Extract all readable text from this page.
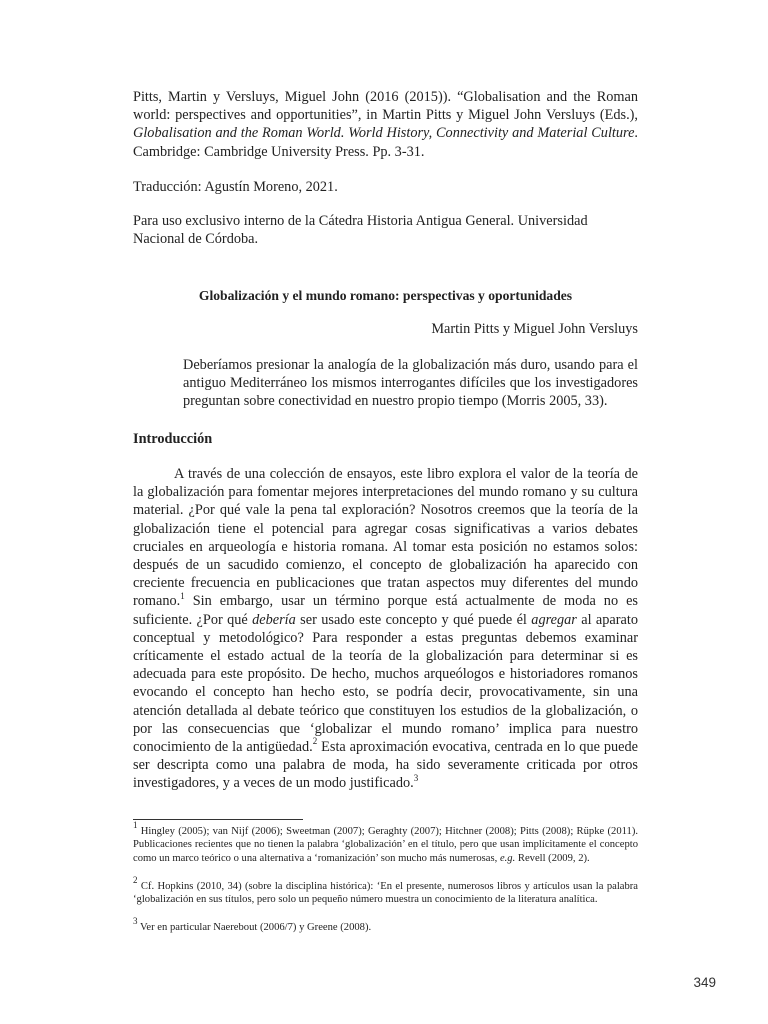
Pitts, Martin y Versluys, Miguel John (2016 (2015)). “Globalisation and the Roman world: perspectives and opportunities”, in Martin Pitts y Miguel John Versluys (Eds.), Globalisation and the Roman World. World History, Connectivity and Material Culture. Cambridge: Cambridge University Press. Pp. 3-31.

Traducción: Agustín Moreno, 2021.
Para uso exclusivo interno de la Cátedra Historia Antigua General. Universidad Nacional de Córdoba.
Globalización y el mundo romano: perspectivas y oportunidades
Martin Pitts y Miguel John Versluys
Deberíamos presionar la analogía de la globalización más duro, usando para el antiguo Mediterráneo los mismos interrogantes difíciles que los investigadores preguntan sobre conectividad en nuestro propio tiempo (Morris 2005, 33).
Introducción

A través de una colección de ensayos, este libro explora el valor de la teoría de la globalización para fomentar mejores interpretaciones del mundo romano y su cultura material. ¿Por qué vale la pena tal exploración? Nosotros creemos que la teoría de la globalización tiene el potencial para agregar cosas significativas a varios debates cruciales en arqueología e historia romana. Al tomar esta posición no estamos solos: después de un sacudido comienzo, el concepto de globalización ha aparecido con creciente frecuencia en publicaciones que tratan aspectos muy diferentes del mundo romano.$^1$ Sin embargo, usar un término porque está actualmente de moda no es suficiente. ¿Por qué debería ser usado este concepto y qué puede él agregar al aparato conceptual y metodológico? Para responder a estas preguntas debemos examinar críticamente el estado actual de la teoría de la globalización para determinar si es adecuada para este propósito. De hecho, muchos arqueólogos e historiadores romanos evocando el concepto han hecho esto, se podría decir, provocativamente, sin una atención detallada al debate teórico que constituyen los estudios de la globalización, o por las consecuencias que ‘globalizar el mundo romano’ implica para nuestro conocimiento de la antigüedad.$^2$ Esta aproximación evocativa, centrada en lo que puede ser descripta como una palabra de moda, ha sido severamente criticada por otros investigadores, y a veces de un modo justificado.$^3$

$^1$ Hingley (2005); van Nijf (2006); Sweetman (2007); Geraghty (2007); Hitchner (2008); Pitts (2008); Rüpke (2011). Publicaciones recientes que no tienen la palabra ‘globalización’ en el título, pero que usan implícitamente el concepto como un marco teórico o una alternativa a ‘romanización’ son mucho más numerosas, e.g. Revell (2009, 2).
$^2$ Cf. Hopkins (2010, 34) (sobre la disciplina histórica): ‘En el presente, numerosos libros y artículos usan la palabra ‘globalización en sus títulos, pero solo un pequeño número muestra un conocimiento de la literatura analítica.
$^3$ Ver en particular Naerebout (2006/7) y Greene (2008).
349
